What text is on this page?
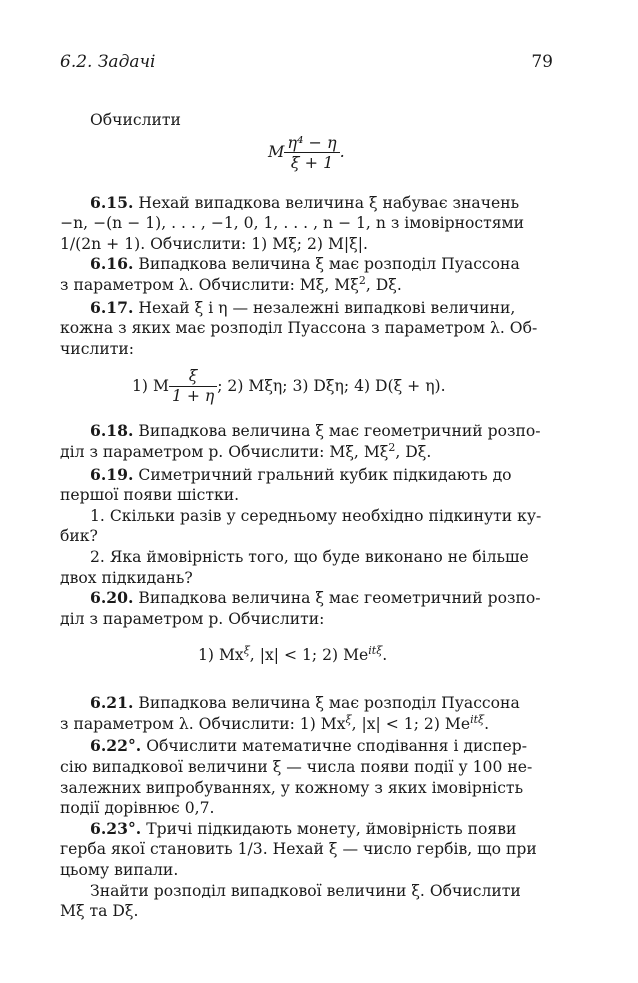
6.2. Задачі	79

Обчислити

M $\frac{\text{η⁴ − η}}{\xi + 1}$ .

6.15. Нехай випадкова величина ξ набуває значень

−n, −(n − 1), . . . , −1, 0, 1, . . . , n − 1, n з імовірностями

1/(2n + 1). Обчислити: 1) Mξ; 2) M|ξ|.

6.16. Випадкова величина ξ має розподіл Пуассона

з параметром λ. Обчислити: Mξ, $M\xi^2$, Dξ.

6.17. Нехай ξ і η — незалежні випадкові величини,

кожна з яких має розподіл Пуассона з параметром λ. Об-

числити:

1) M $\frac{\xi}{1 + \eta}$ ; 2) Mξη; 3) Dξη; 4) D(ξ + η).

6.18. Випадкова величина ξ має геометричний розпо-

діл з параметром p. Обчислити: Mξ, $M\xi^2$, Dξ.

6.19. Симетричний гральний кубик підкидають до

першої появи шістки.

1. Скільки разів у середньому необхідно підкинути ку-

бик?

2. Яка ймовірність того, що буде виконано не більше

двох підкидань?

6.20. Випадкова величина ξ має геометричний розпо-

діл з параметром p. Обчислити:

1) $Mx^\xi$, |x| < 1; 2) $Me^{it\xi}$.

6.21. Випадкова величина ξ має розподіл Пуассона

з параметром λ. Обчислити: 1) $Mx^\xi$, |x| < 1; 2) $Me^{it\xi}$.

6.22°. Обчислити математичне сподівання і диспер-

сію випадкової величини ξ — числа появи події у 100 не-

залежних випробуваннях, у кожному з яких імовірність

події дорівнює 0,7.

6.23°. Тричі підкидають монету, ймовірність появи

герба якої становить 1/3. Нехай ξ — число гербів, що при

цьому випали.

Знайти розподіл випадкової величини ξ. Обчислити

Mξ та Dξ.
